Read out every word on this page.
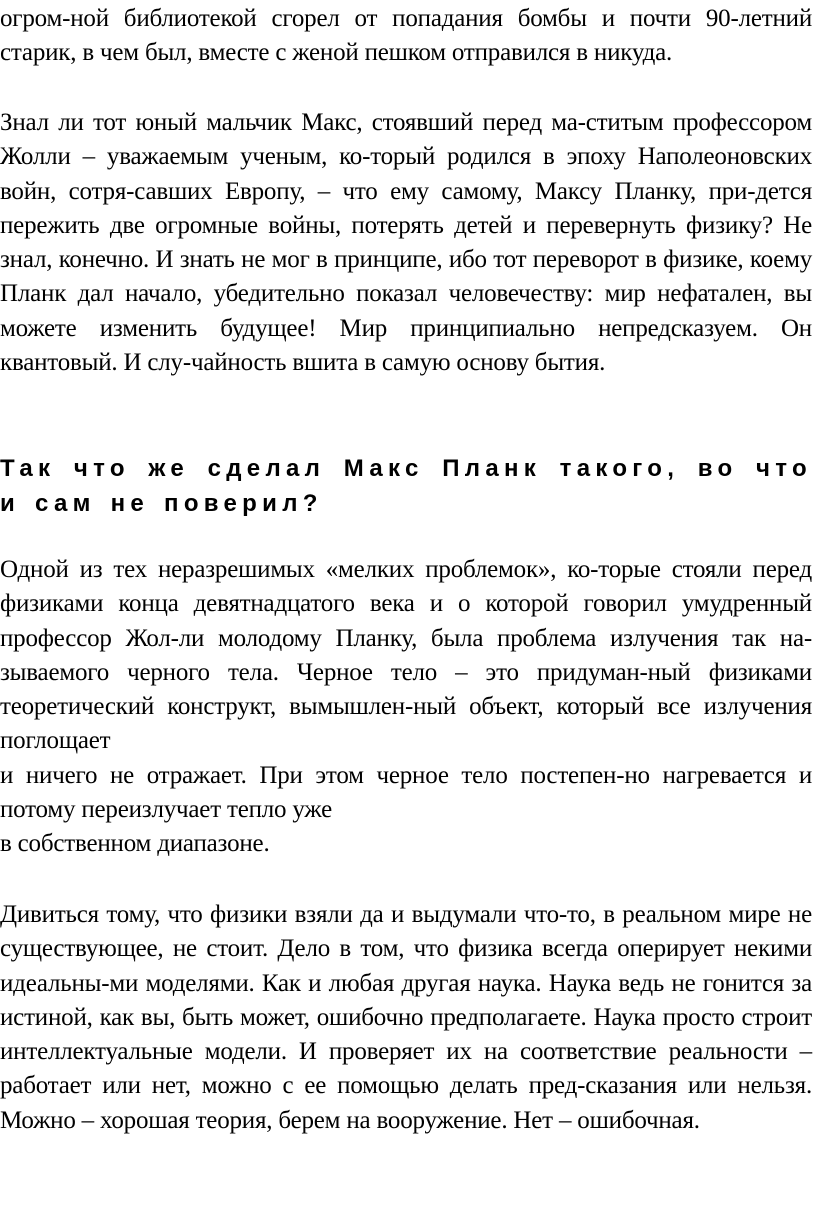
огром-ной библиотекой сгорел от попадания бомбы и почти 90-летний старик, в чем был, вместе с женой пешком отправился в никуда.

Знал ли тот юный мальчик Макс, стоявший перед ма-ститым профессором Жолли – уважаемым ученым, ко-торый родился в эпоху Наполеоновских войн, сотря-савших Европу, – что ему самому, Максу Планку, при-дется пережить две огромные войны, потерять детей и перевернуть физику? Не знал, конечно. И знать не мог в принципе, ибо тот переворот в физике, коему Планк дал начало, убедительно показал человечеству: мир нефатален, вы можете изменить будущее! Мир принципиально непредсказуем. Он квантовый. И слу-чайность вшита в самую основу бытия.

Так что же сделал Макс Планк такого, во что и сам не поверил?
Одной из тех неразрешимых «мелких проблемок», ко-торые стояли перед физиками конца девятнадцатого века и о которой говорил умудренный профессор Жол-ли молодому Планку, была проблема излучения так на-зываемого черного тела. Черное тело – это придуман-ный физиками теоретический конструкт, вымышлен-ный объект, который все излучения поглощает
и ничего не отражает. При этом черное тело постепен-но нагревается и потому переизлучает тепло уже
в собственном диапазоне.

Дивиться тому, что физики взяли да и выдумали что-то, в реальном мире не существующее, не стоит. Дело в том, что физика всегда оперирует некими идеальны-ми моделями. Как и любая другая наука. Наука ведь не гонится за истиной, как вы, быть может, ошибочно предполагаете. Наука просто строит интеллектуальные модели. И проверяет их на соответствие реальности – работает или нет, можно с ее помощью делать пред-сказания или нельзя. Можно – хорошая теория, берем на вооружение. Нет – ошибочная.
